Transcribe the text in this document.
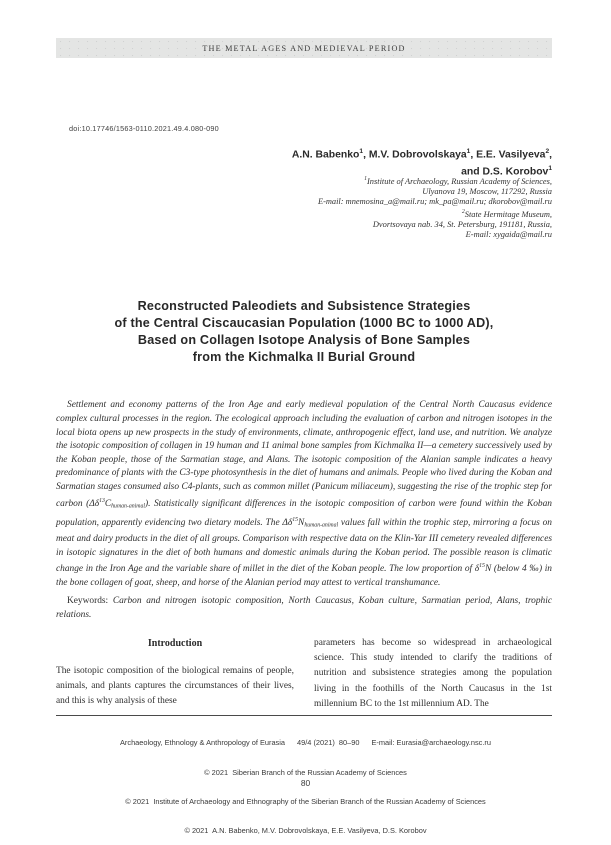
THE METAL AGES AND MEDIEVAL PERIOD
doi:10.17746/1563-0110.2021.49.4.080-090
A.N. Babenko$^1$, M.V. Dobrovolskaya$^1$, E.E. Vasilyeva$^2$,
and D.S. Korobov$^1$
$^1$Institute of Archaeology, Russian Academy of Sciences,
Ulyanova 19, Moscow, 117292, Russia
E-mail: mnemosina_a@mail.ru; mk_pa@mail.ru; dkorobov@mail.ru
$^2$State Hermitage Museum,
Dvortsovaya nab. 34, St. Petersburg, 191181, Russia,
E-mail: xygaida@mail.ru
Reconstructed Paleodiets and Subsistence Strategies
of the Central Ciscaucasian Population (1000 BC to 1000 AD),
Based on Collagen Isotope Analysis of Bone Samples
from the Kichmalka II Burial Ground

Settlement and economy patterns of the Iron Age and early medieval population of the Central North Caucasus evidence complex cultural processes in the region. The ecological approach including the evaluation of carbon and nitrogen isotopes in the local biota opens up new prospects in the study of environments, climate, anthropogenic effect, land use, and nutrition. We analyze the isotopic composition of collagen in 19 human and 11 animal bone samples from Kichmalka II—a cemetery successively used by the Koban people, those of the Sarmatian stage, and Alans. The isotopic composition of the Alanian sample indicates a heavy predominance of plants with the C3-type photosynthesis in the diet of humans and animals. People who lived during the Koban and Sarmatian stages consumed also C4-plants, such as common millet (Panicum miliaceum), suggesting the rise of the trophic step for carbon $(\Delta\delta^{13}C_{human-animal})$. Statistically significant differences in the isotopic composition of carbon were found within the Koban population, apparently evidencing two dietary models. The $\Delta\delta^{15}N_{human-animal}$ values fall within the trophic step, mirroring a focus on meat and dairy products in the diet of all groups. Comparison with respective data on the Klin-Yar III cemetery revealed differences in isotopic signatures in the diet of both humans and domestic animals during the Koban period. The possible reason is climatic change in the Iron Age and the variable share of millet in the diet of the Koban people. The low proportion of $\delta^{15}N$ (below 4 ‰) in the bone collagen of goat, sheep, and horse of the Alanian period may attest to vertical transhumance.

Keywords: Carbon and nitrogen isotopic composition, North Caucasus, Koban culture, Sarmatian period, Alans, trophic relations.

Introduction
The isotopic composition of the biological remains of people, animals, and plants captures the circumstances of their lives, and this is why analysis of these
parameters has become so widespread in archaeological science. This study intended to clarify the traditions of nutrition and subsistence strategies among the population living in the foothills of the North Caucasus in the 1st millennium BC to the 1st millennium AD. The

Archaeology, Ethnology & Anthropology of Eurasia 49/4 (2021)  80–90 E-mail: Eurasia@archaeology.nsc.ru

© 2021  Siberian Branch of the Russian Academy of Sciences

© 2021  Institute of Archaeology and Ethnography of the Siberian Branch of the Russian Academy of Sciences

© 2021  A.N. Babenko, M.V. Dobrovolskaya, E.E. Vasilyeva, D.S. Korobov

80
